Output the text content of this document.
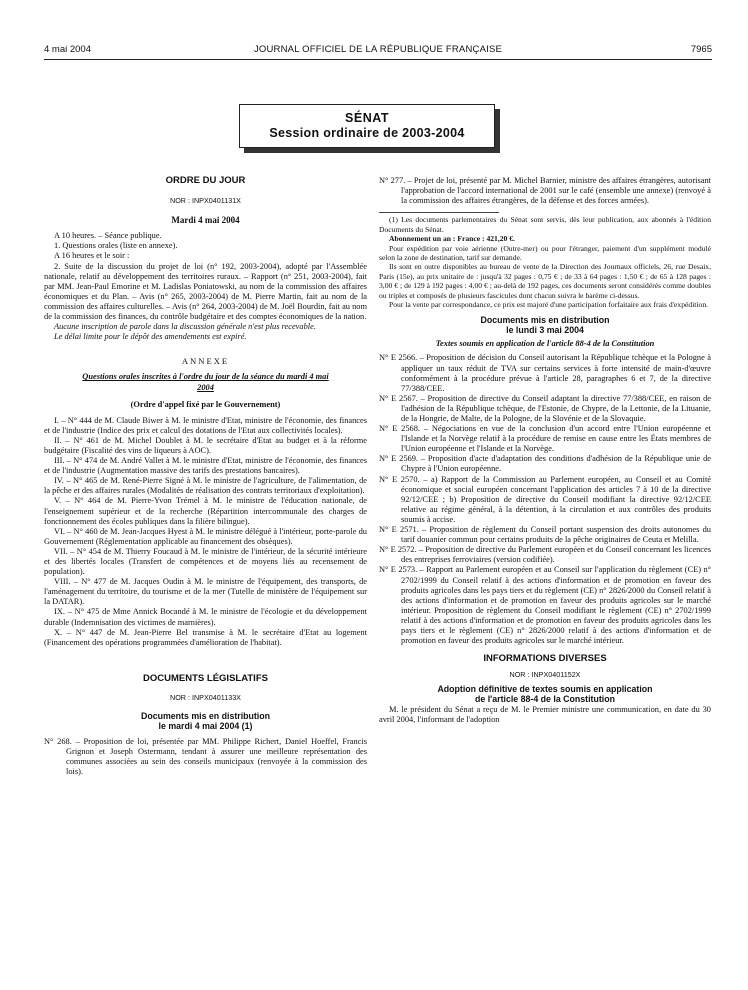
4 mai 2004	JOURNAL OFFICIEL DE LA RÉPUBLIQUE FRANÇAISE	7965
SÉNAT
Session ordinaire de 2003-2004

ORDRE DU JOUR

NOR : INPX0401131X

Mardi 4 mai 2004

A 10 heures. – Séance publique.

1. Questions orales (liste en annexe).

A 16 heures et le soir :

2. Suite de la discussion du projet de loi (n° 192, 2003-2004), adopté par l'Assemblée nationale, relatif au développement des territoires ruraux. – Rapport (n° 251, 2003-2004), fait par MM. Jean-Paul Emorine et M. Ladislas Poniatowski, au nom de la commission des affaires économiques et du Plan. – Avis (n° 265, 2003-2004) de M. Pierre Martin, fait au nom de la commission des affaires culturelles. – Avis (n° 264, 2003-2004) de M. Joël Bourdin, fait au nom de la commission des finances, du contrôle budgétaire et des comptes économiques de la nation.

Aucune inscription de parole dans la discussion générale n'est plus recevable.

Le délai limite pour le dépôt des amendements est expiré.

ANNEXE

Questions orales inscrites à l'ordre du jour de la séance du mardi 4 mai 2004

(Ordre d'appel fixé par le Gouvernement)

I. – N° 444 de M. Claude Biwer à M. le ministre d'Etat, ministre de l'économie, des finances et de l'industrie (Indice des prix et calcul des dotations de l'Etat aux collectivités locales).

II. – N° 461 de M. Michel Doublet à M. le secrétaire d'Etat au budget et à la réforme budgétaire (Fiscalité des vins de liqueurs à AOC).

III. – N° 474 de M. André Vallet à M. le ministre d'Etat, ministre de l'économie, des finances et de l'industrie (Augmentation massive des tarifs des prestations bancaires).

IV. – N° 465 de M. René-Pierre Signé à M. le ministre de l'agriculture, de l'alimentation, de la pêche et des affaires rurales (Modalités de réalisation des contrats territoriaux d'exploitation).

V. – N° 464 de M. Pierre-Yvon Trémel à M. le ministre de l'éducation nationale, de l'enseignement supérieur et de la recherche (Répartition intercommunale des charges de fonctionnement des écoles publiques dans la filière bilingue).

VI. – N° 460 de M. Jean-Jacques Hyest à M. le ministre délégué à l'intérieur, porte-parole du Gouvernement (Réglementation applicable au financement des obsèques).

VII. – N° 454 de M. Thierry Foucaud à M. le ministre de l'intérieur, de la sécurité intérieure et des libertés locales (Transfert de compétences et de moyens liés au recensement de population).

VIII. – N° 477 de M. Jacques Oudin à M. le ministre de l'équipement, des transports, de l'aménagement du territoire, du tourisme et de la mer (Tutelle de ministère de l'équipement sur la DATAR).

IX. – N° 475 de Mme Annick Bocandé à M. le ministre de l'écologie et du développement durable (Indemnisation des victimes de marnières).

X. – N° 447 de M. Jean-Pierre Bel transmise à M. le secrétaire d'Etat au logement (Financement des opérations programmées d'amélioration de l'habitat).

DOCUMENTS LÉGISLATIFS

NOR : INPX0401133X

Documents mis en distribution

le mardi 4 mai 2004 (1)

N° 268. – Proposition de loi, présentée par MM. Philippe Richert, Daniel Hoeffel, Francis Grignon et Joseph Ostermann, tendant à assurer une meilleure représentation des communes associées au sein des conseils municipaux (renvoyée à la commission des lois).

N° 277. – Projet de loi, présenté par M. Michel Barnier, ministre des affaires étrangères, autorisant l'approbation de l'accord international de 2001 sur le café (ensemble une annexe) (renvoyé à la commission des affaires étrangères, de la défense et des forces armées).

(1) Les documents parlementaires du Sénat sont servis, dès leur publication, aux abonnés à l'édition Documents du Sénat.

Abonnement un an : France : 421,20 €.

Pour expédition par voie aérienne (Outre-mer) ou pour l'étranger, paiement d'un supplément modulé selon la zone de destination, tarif sur demande.

Ils sont en outre disponibles au bureau de vente de la Direction des Journaux officiels, 26, rue Desaix, Paris (15e), au prix unitaire de : jusqu'à 32 pages : 0,75 € ; de 33 à 64 pages : 1,50 € ; de 65 à 128 pages : 3,00 € ; de 129 à 192 pages : 4,00 € ; au-delà de 192 pages, ces documents seront considérés comme doubles ou triples et composés de plusieurs fascicules dont chacun suivra le barème ci-dessus.

Pour la vente par correspondance, ce prix est majoré d'une participation forfaitaire aux frais d'expédition.

Documents mis en distribution

le lundi 3 mai 2004

Textes soumis en application de l'article 88-4 de la Constitution

N° E 2566. – Proposition de décision du Conseil autorisant la République tchèque et la Pologne à appliquer un taux réduit de TVA sur certains services à forte intensité de main-d'œuvre conformément à la procédure prévue à l'article 28, paragraphes 6 et 7, de la directive 77/388/CEE.

N° E 2567. – Proposition de directive du Conseil adaptant la directive 77/388/CEE, en raison de l'adhésion de la République tchèque, de l'Estonie, de Chypre, de la Lettonie, de la Lituanie, de la Hongrie, de Malte, de la Pologne, de la Slovénie et de la Slovaquie.

N° E 2568. – Négociations en vue de la conclusion d'un accord entre l'Union européenne et l'Islande et la Norvège relatif à la procédure de remise en cause entre les États membres de l'Union européenne et l'Islande et la Norvège.

N° E 2569. – Proposition d'acte d'adaptation des conditions d'adhésion de la République unie de Chypre à l'Union européenne.

N° E 2570. – a) Rapport de la Commission au Parlement européen, au Conseil et au Comité économique et social européen concernant l'application des articles 7 à 10 de la directive 92/12/CEE ; b) Proposition de directive du Conseil modifiant la directive 92/12/CEE relative au régime général, à la détention, à la circulation et aux contrôles des produits soumis à accise.

N° E 2571. – Proposition de règlement du Conseil portant suspension des droits autonomes du tarif douanier commun pour certains produits de la pêche originaires de Ceuta et Melilla.

N° E 2572. – Proposition de directive du Parlement européen et du Conseil concernant les licences des entreprises ferroviaires (version codifiée).

N° E 2573. – Rapport au Parlement européen et au Conseil sur l'application du règlement (CE) n° 2702/1999 du Conseil relatif à des actions d'information et de promotion en faveur des produits agricoles dans les pays tiers et du règlement (CE) n° 2826/2000 du Conseil relatif à des actions d'information et de promotion en faveur des produits agricoles sur le marché intérieur. Proposition de règlement du Conseil modifiant le règlement (CE) n° 2702/1999 relatif à des actions d'information et de promotion en faveur des produits agricoles dans les pays tiers et le règlement (CE) n° 2826/2000 relatif à des actions d'information et de promotion en faveur des produits agricoles sur le marché intérieur.

INFORMATIONS DIVERSES

NOR : INPX0401152X

Adoption définitive de textes soumis en application

de l'article 88-4 de la Constitution

M. le président du Sénat a reçu de M. le Premier ministre une communication, en date du 30 avril 2004, l'informant de l'adoption
